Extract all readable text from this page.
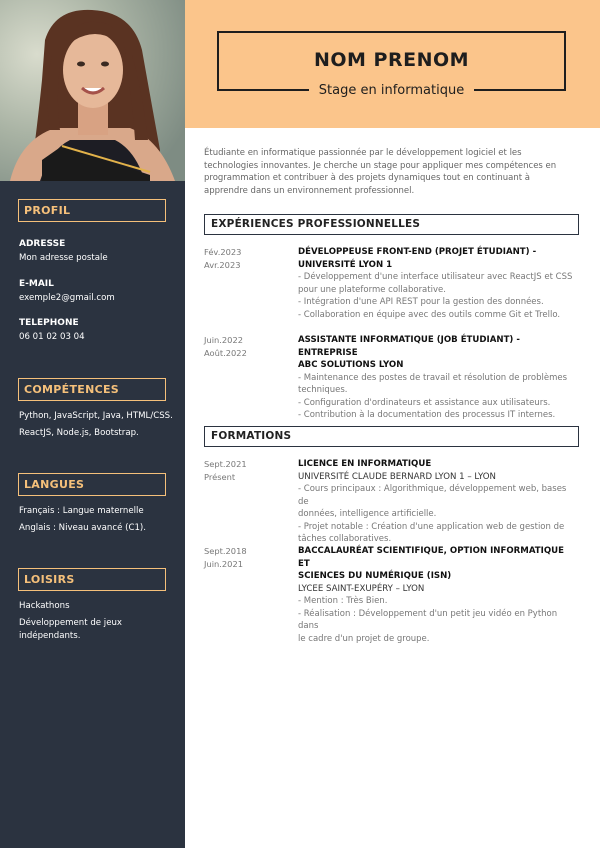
PROFIL
ADRESSE
Mon adresse postale
E-MAIL
exemple2@gmail.com
TELEPHONE
06 01 02 03 04
COMPÉTENCES
Python, JavaScript, Java, HTML/CSS.
ReactJS, Node.js, Bootstrap.
LANGUES
Français : Langue maternelle
Anglais : Niveau avancé (C1).
LOISIRS
Hackathons
Développement de jeux
indépendants.
NOM PRENOM
Stage en informatique
Étudiante en informatique passionnée par le développement logiciel et les technologies innovantes. Je cherche un stage pour appliquer mes compétences en programmation et contribuer à des projets dynamiques tout en continuant à apprendre dans un environnement professionnel.
EXPÉRIENCES PROFESSIONNELLES
Fév.2023
Avr.2023
DÉVELOPPEUSE FRONT-END (PROJET ÉTUDIANT) -
UNIVERSITÉ LYON 1
- Développement d'une interface utilisateur avec ReactJS et CSS
pour une plateforme collaborative.
- Intégration d'une API REST pour la gestion des données.
- Collaboration en équipe avec des outils comme Git et Trello.
Juin.2022
Août.2022
ASSISTANTE INFORMATIQUE (JOB ÉTUDIANT) - ENTREPRISE
ABC SOLUTIONS LYON
- Maintenance des postes de travail et résolution de problèmes
techniques.
- Configuration d'ordinateurs et assistance aux utilisateurs.
- Contribution à la documentation des processus IT internes.
FORMATIONS
Sept.2021
Présent
LICENCE EN INFORMATIQUE
UNIVERSITÉ CLAUDE BERNARD LYON 1 – LYON
- Cours principaux : Algorithmique, développement web, bases de
données, intelligence artificielle.
- Projet notable : Création d'une application web de gestion de
tâches collaboratives.
Sept.2018
Juin.2021
BACCALAURÉAT SCIENTIFIQUE, OPTION INFORMATIQUE ET
SCIENCES DU NUMÉRIQUE (ISN)
LYCEE SAINT-EXUPÉRY – LYON
- Mention : Très Bien.
- Réalisation : Développement d'un petit jeu vidéo en Python dans
le cadre d'un projet de groupe.
